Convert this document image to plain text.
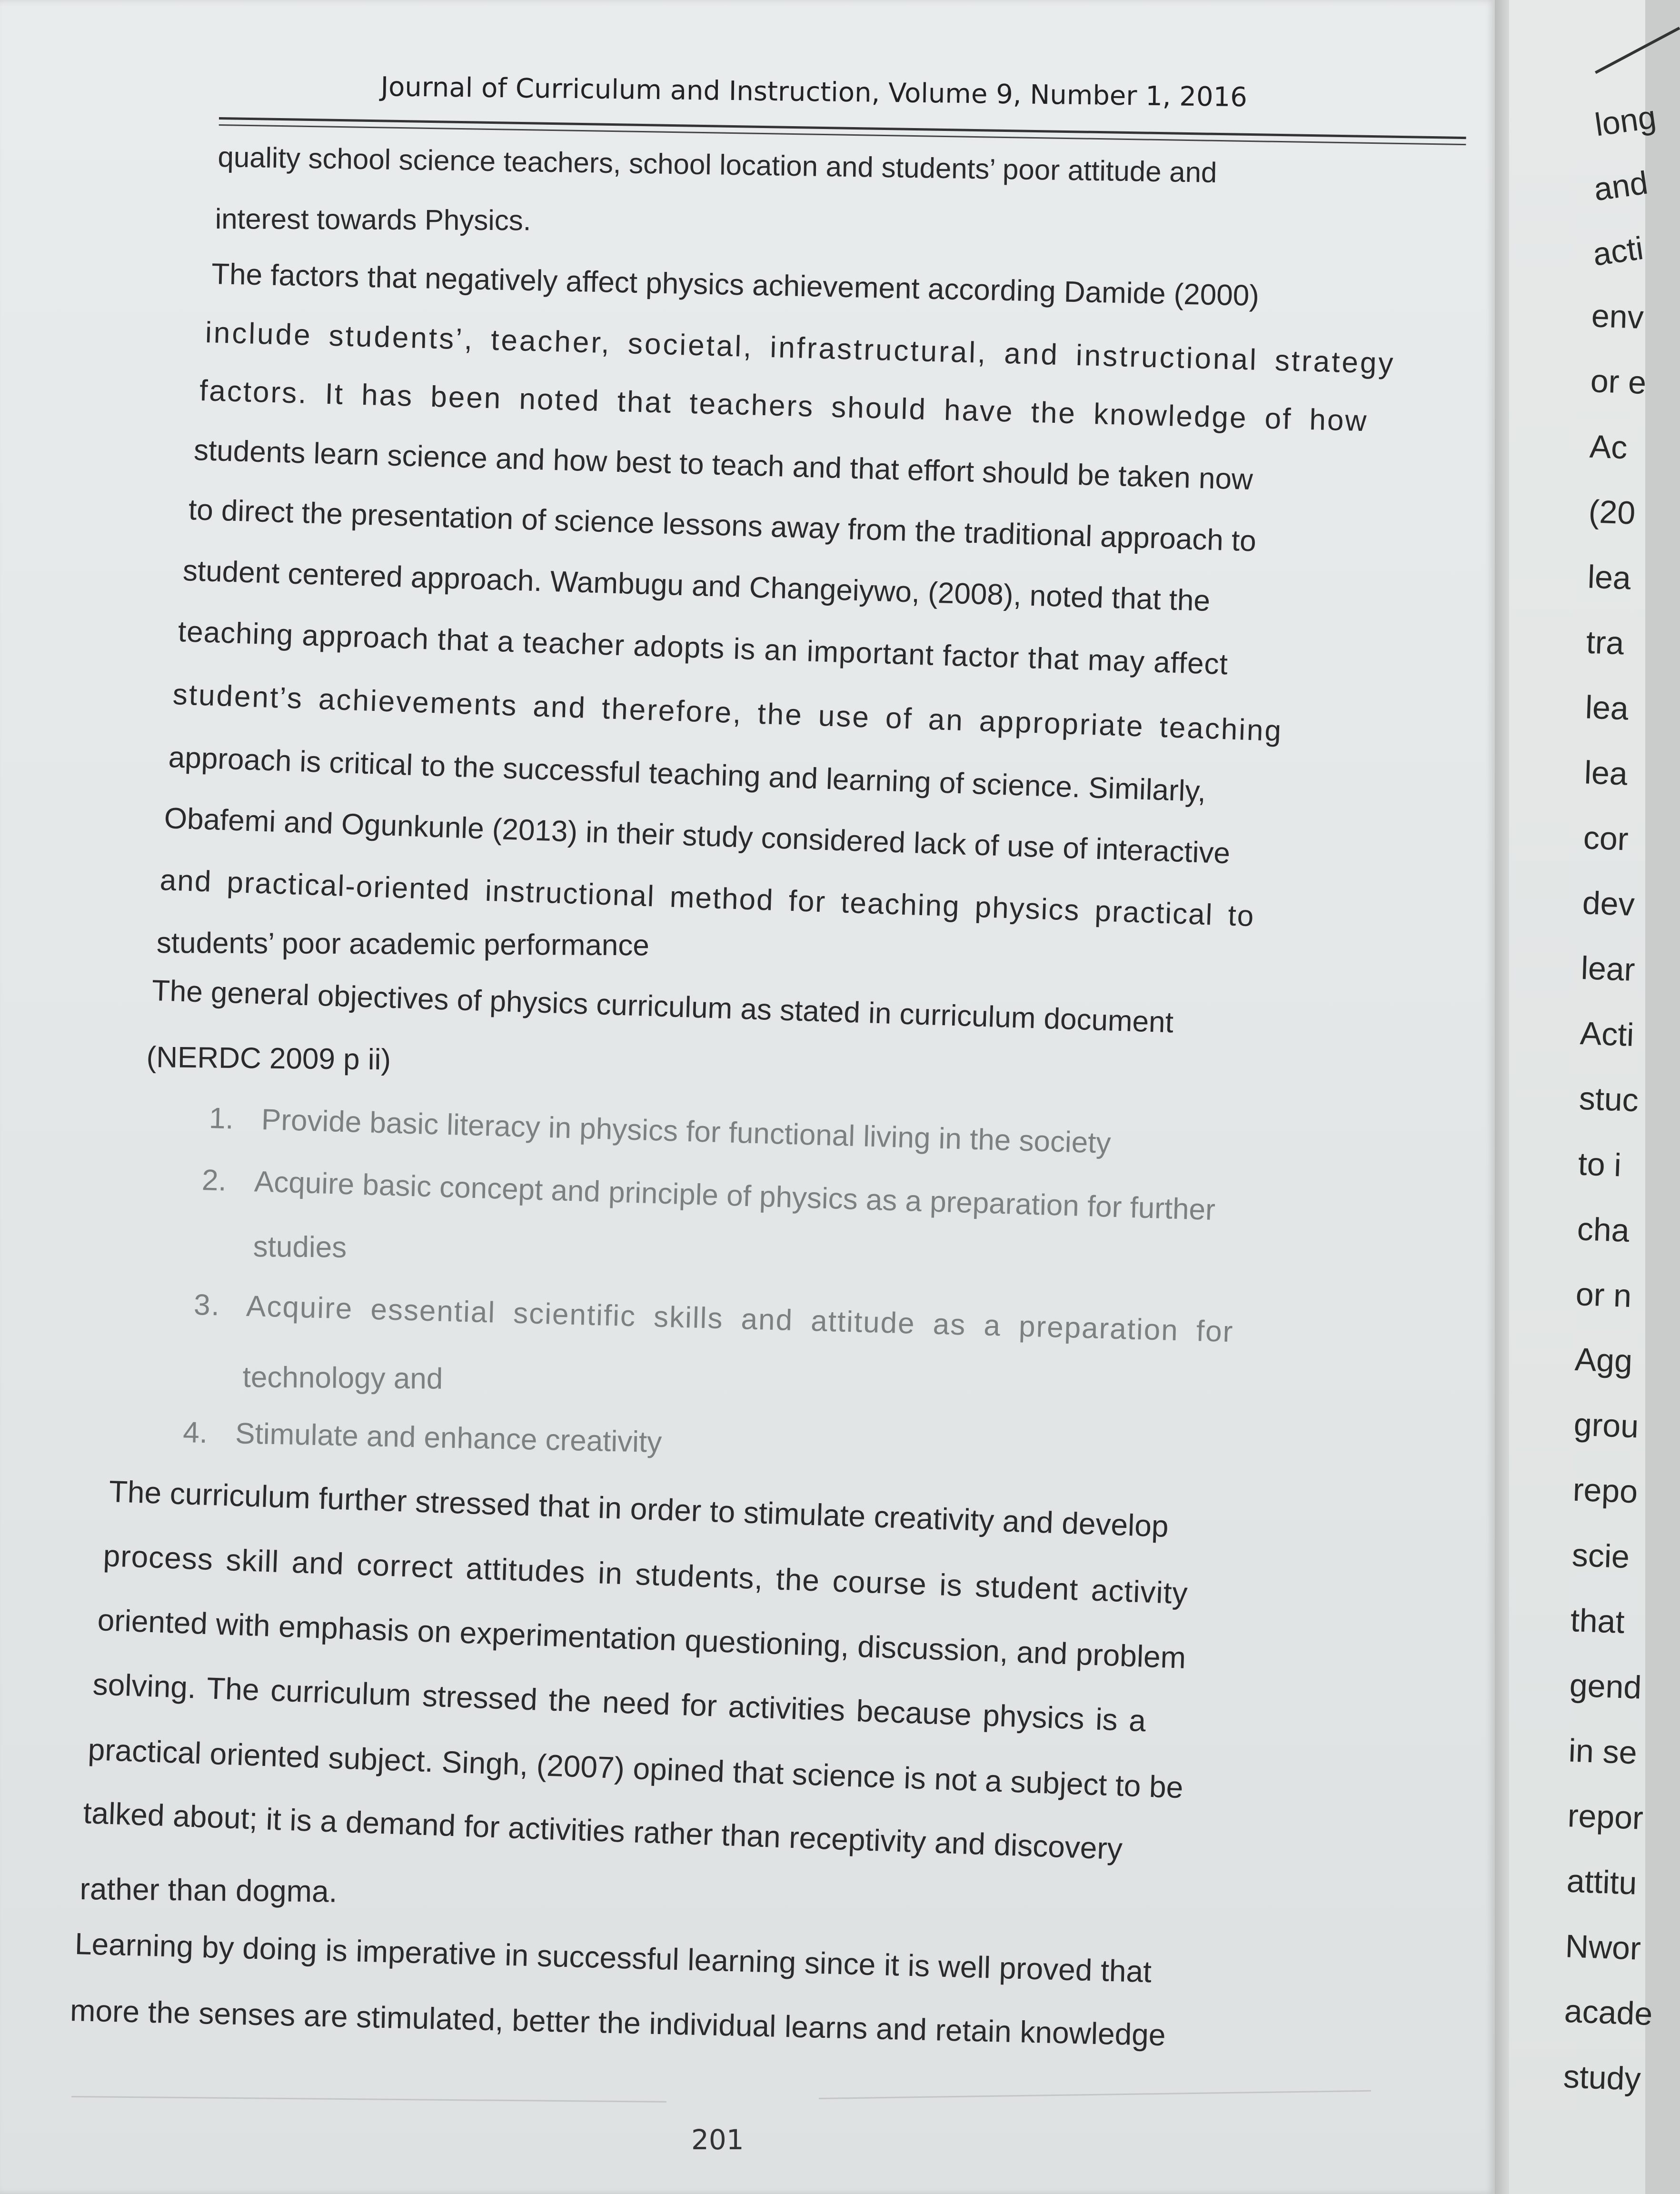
long
and
acti
env
or e
Ac
(20
lea
tra
lea
lea
cor
dev
lear
Acti
stuc
to i
cha
or n
Agg
grou
repo
scie
that
gend
in se
repor
attitu
Nwor
acade
study
Journal of Curriculum and Instruction, Volume 9, Number 1, 2016
quality school science teachers, school location and students’ poor attitude and
interest towards Physics.
The factors that negatively affect physics achievement according Damide (2000)
include students’, teacher, societal, infrastructural, and instructional strategy
factors. It has been noted that teachers should have the knowledge of how
students learn science and how best to teach and that effort should be taken now
to direct the presentation of science lessons away from the traditional approach to
student centered approach. Wambugu and Changeiywo, (2008), noted that the
teaching approach that a teacher adopts is an important factor that may affect
student’s achievements and therefore, the use of an appropriate teaching
approach is critical to the successful teaching and learning of science. Similarly,
Obafemi and Ogunkunle (2013) in their study considered lack of use of interactive
and practical-oriented instructional method for teaching physics practical to
students’ poor academic performance
The general objectives of physics curriculum as stated in curriculum document
(NERDC 2009 p ii)
1. Provide basic literacy in physics for functional living in the society
2. Acquire basic concept and principle of physics as a preparation for further
studies
3. Acquire essential scientific skills and attitude as a preparation for
technology and
4. Stimulate and enhance creativity
The curriculum further stressed that in order to stimulate creativity and develop
process skill and correct attitudes in students, the course is student activity
oriented with emphasis on experimentation questioning, discussion, and problem
solving. The curriculum stressed the need for activities because physics is a
practical oriented subject. Singh, (2007) opined that science is not a subject to be
talked about; it is a demand for activities rather than receptivity and discovery
rather than dogma.
Learning by doing is imperative in successful learning since it is well proved that
more the senses are stimulated, better the individual learns and retain knowledge
201
